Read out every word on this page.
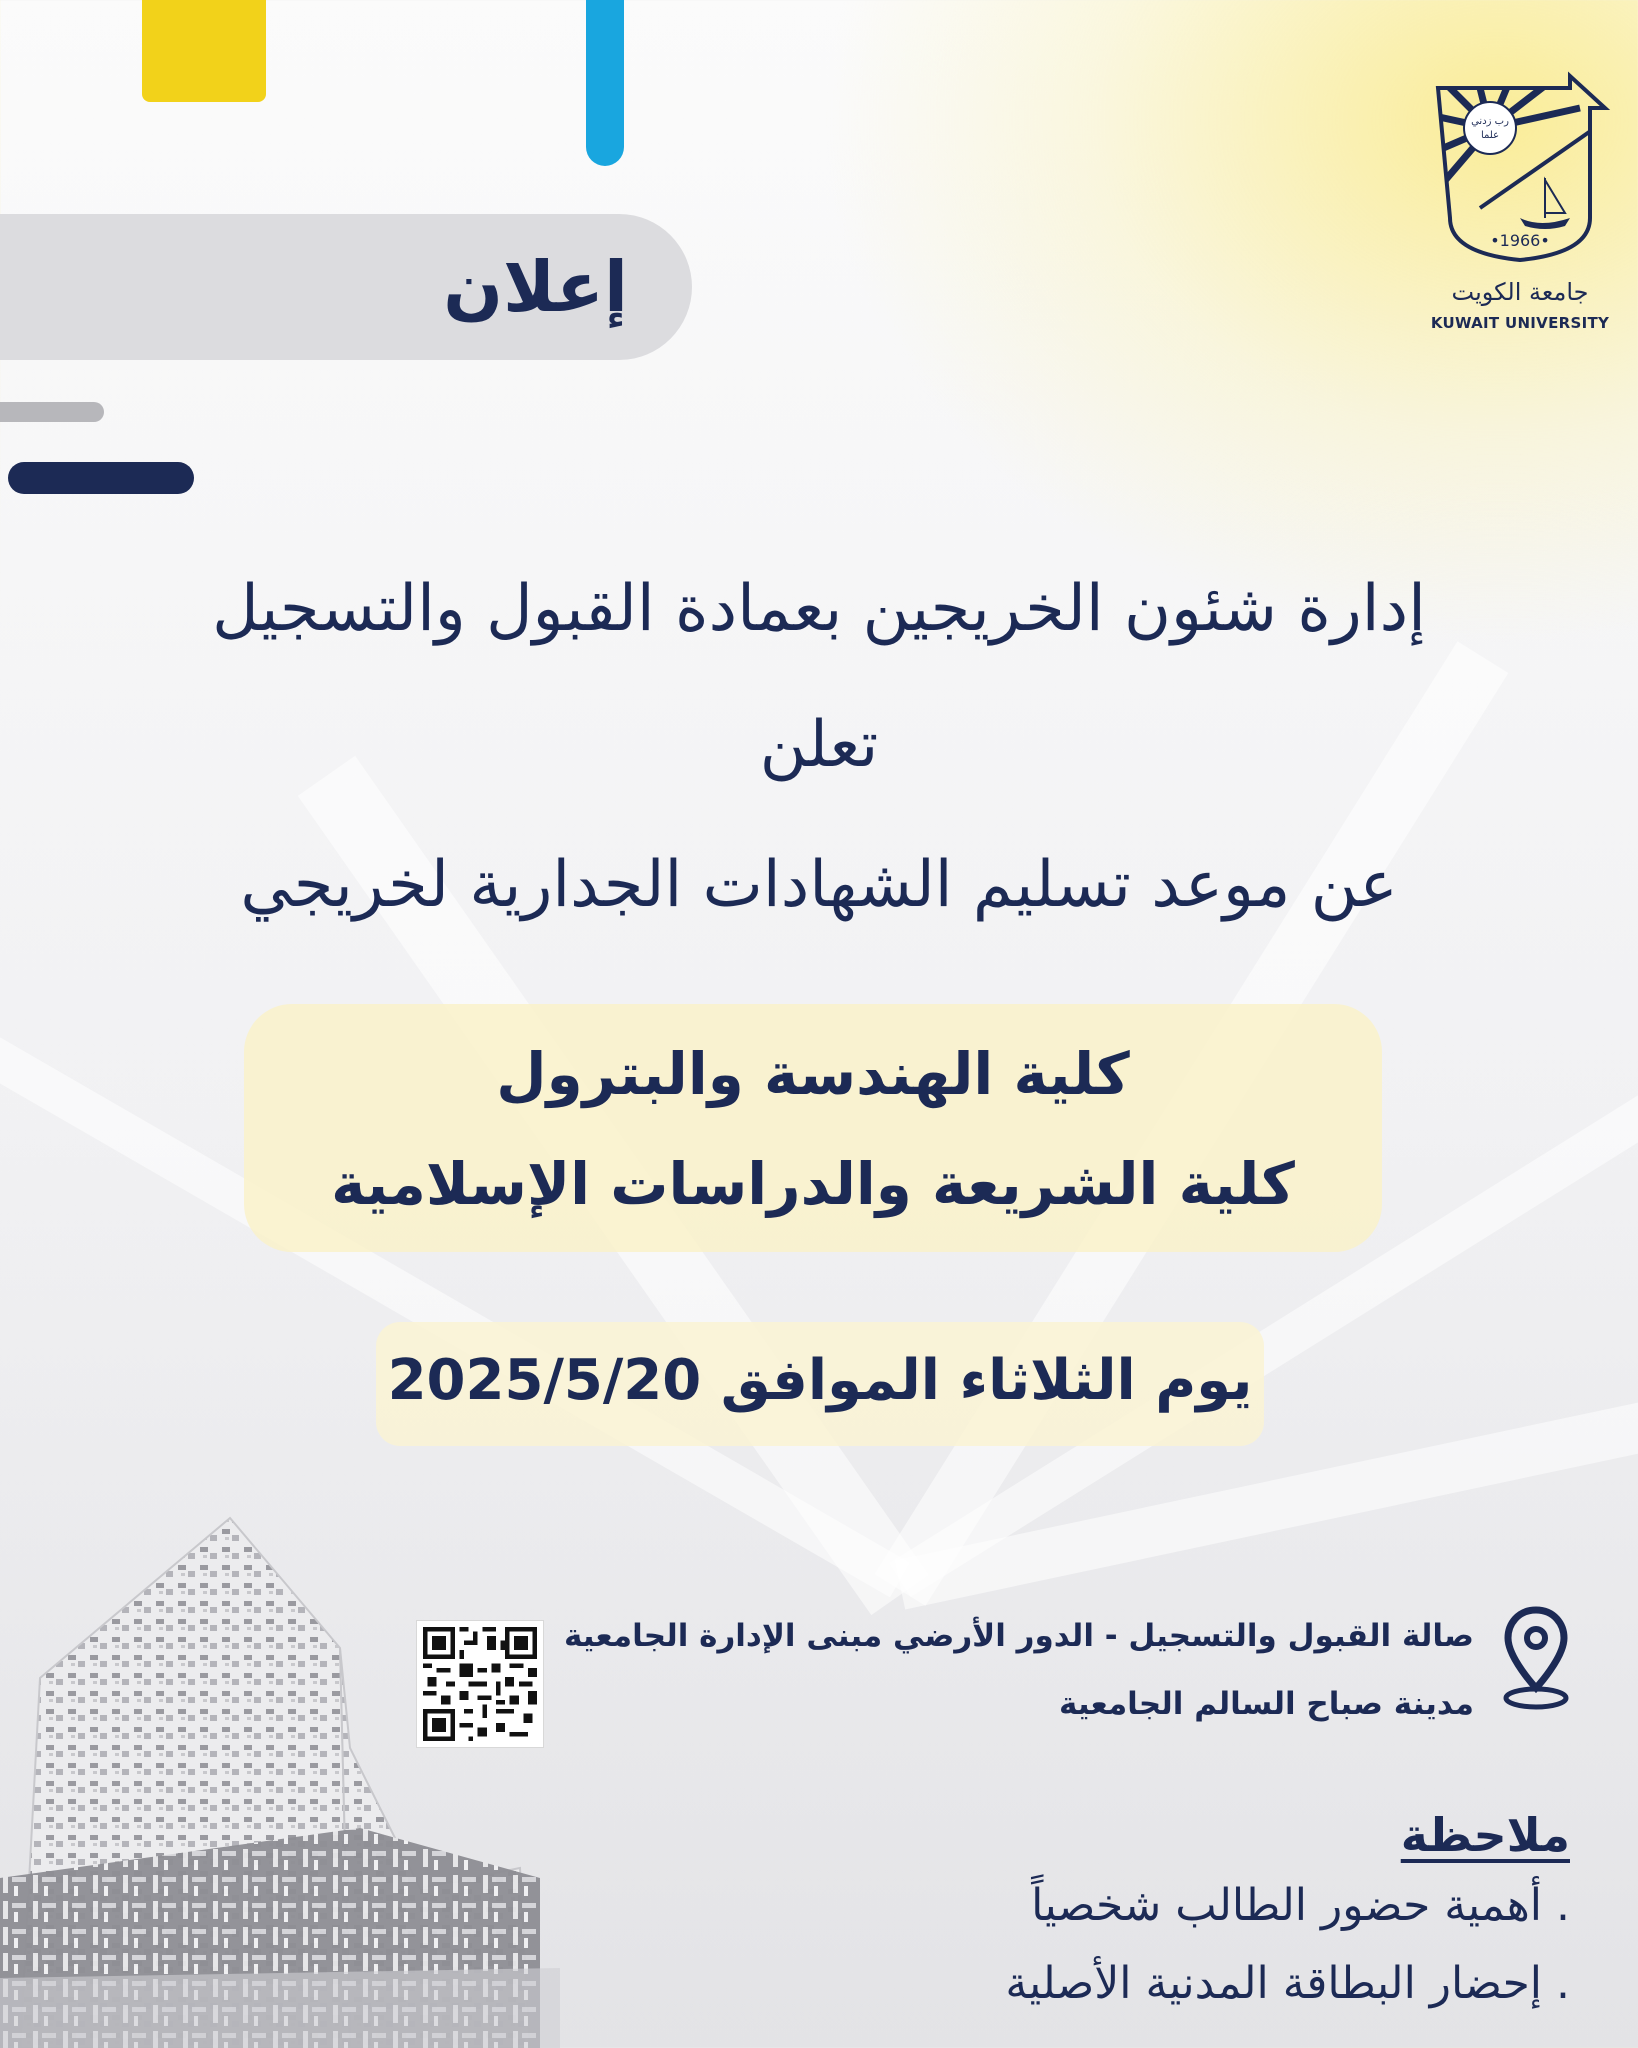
إعلان
رب زدني
علما
•1966•
جامعة الكويت
KUWAIT UNIVERSITY
إدارة شئون الخريجين بعمادة القبول والتسجيل
تعلن
عن موعد تسليم الشهادات الجدارية لخريجي
كلية الهندسة والبترول
كلية الشريعة والدراسات الإسلامية
يوم الثلاثاء الموافق 2025/5/20
صالة القبول والتسجيل - الدور الأرضي مبنى الإدارة الجامعية
مدينة صباح السالم الجامعية
ملاحظة
. أهمية حضور الطالب شخصياً
. إحضار البطاقة المدنية الأصلية
